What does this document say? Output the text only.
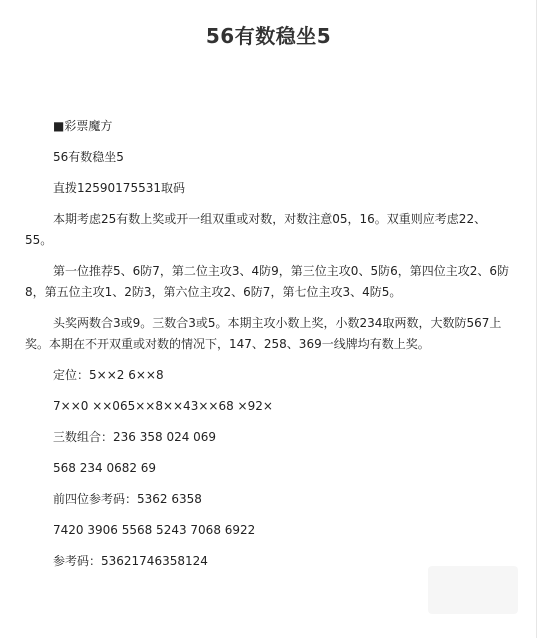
56有数稳坐5

■彩票魔方

56有数稳坐5

直拨12590175531取码

本期考虑25有数上奖或开一组双重或对数，对数注意05，16。双重则应考虑22、55。

第一位推荐5、6防7，第二位主攻3、4防9，第三位主攻0、5防6，第四位主攻2、6防8，第五位主攻1、2防3，第六位主攻2、6防7，第七位主攻3、4防5。

头奖两数合3或9。三数合3或5。本期主攻小数上奖，小数234取两数，大数防567上奖。本期在不开双重或对数的情况下，147、258、369一线牌均有数上奖。

定位：5××2 6××8

7××0 ××065××8××43××68 ×92×

三数组合：236 358 024 069

568 234 0682 69

前四位参考码：5362 6358

7420 3906 5568 5243 7068 6922

参考码：53621746358124
